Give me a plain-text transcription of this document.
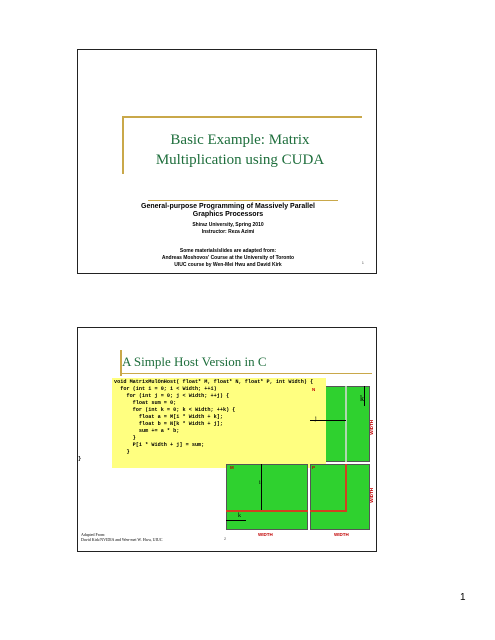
Basic Example: Matrix
Multiplication using CUDA
General-purpose Programming of Massively Parallel
Graphics Processors
Shiraz University, Spring 2010
Instructor: Reza Azimi
Some materials/slides are adapted from:
Andreas Moshovos' Course at the University of Toronto
UIUC course by Wen-Mei Hwu and David Kirk	1
A Simple Host Version in C
void MatrixMulOnHost( float* M, float* N, float* P, int Width) {
for (int i = 0; i < Width; ++i)
for (int j = 0; j < Width; ++j) {
float sum = 0;
for (int k = 0; k < Width; ++k) {
float a = M[i * Width + k];
float b = N[k * Width + j];
sum += a * b;
}
P[i * Width + j] = sum;
}
}
N
k
j
WIDTH
M
i
k
P
WIDTH
WIDTH	WIDTH
Adapted From:
David Kirk/NVIDIA and Wen-mei W. Hwu, UIUC	2
1
